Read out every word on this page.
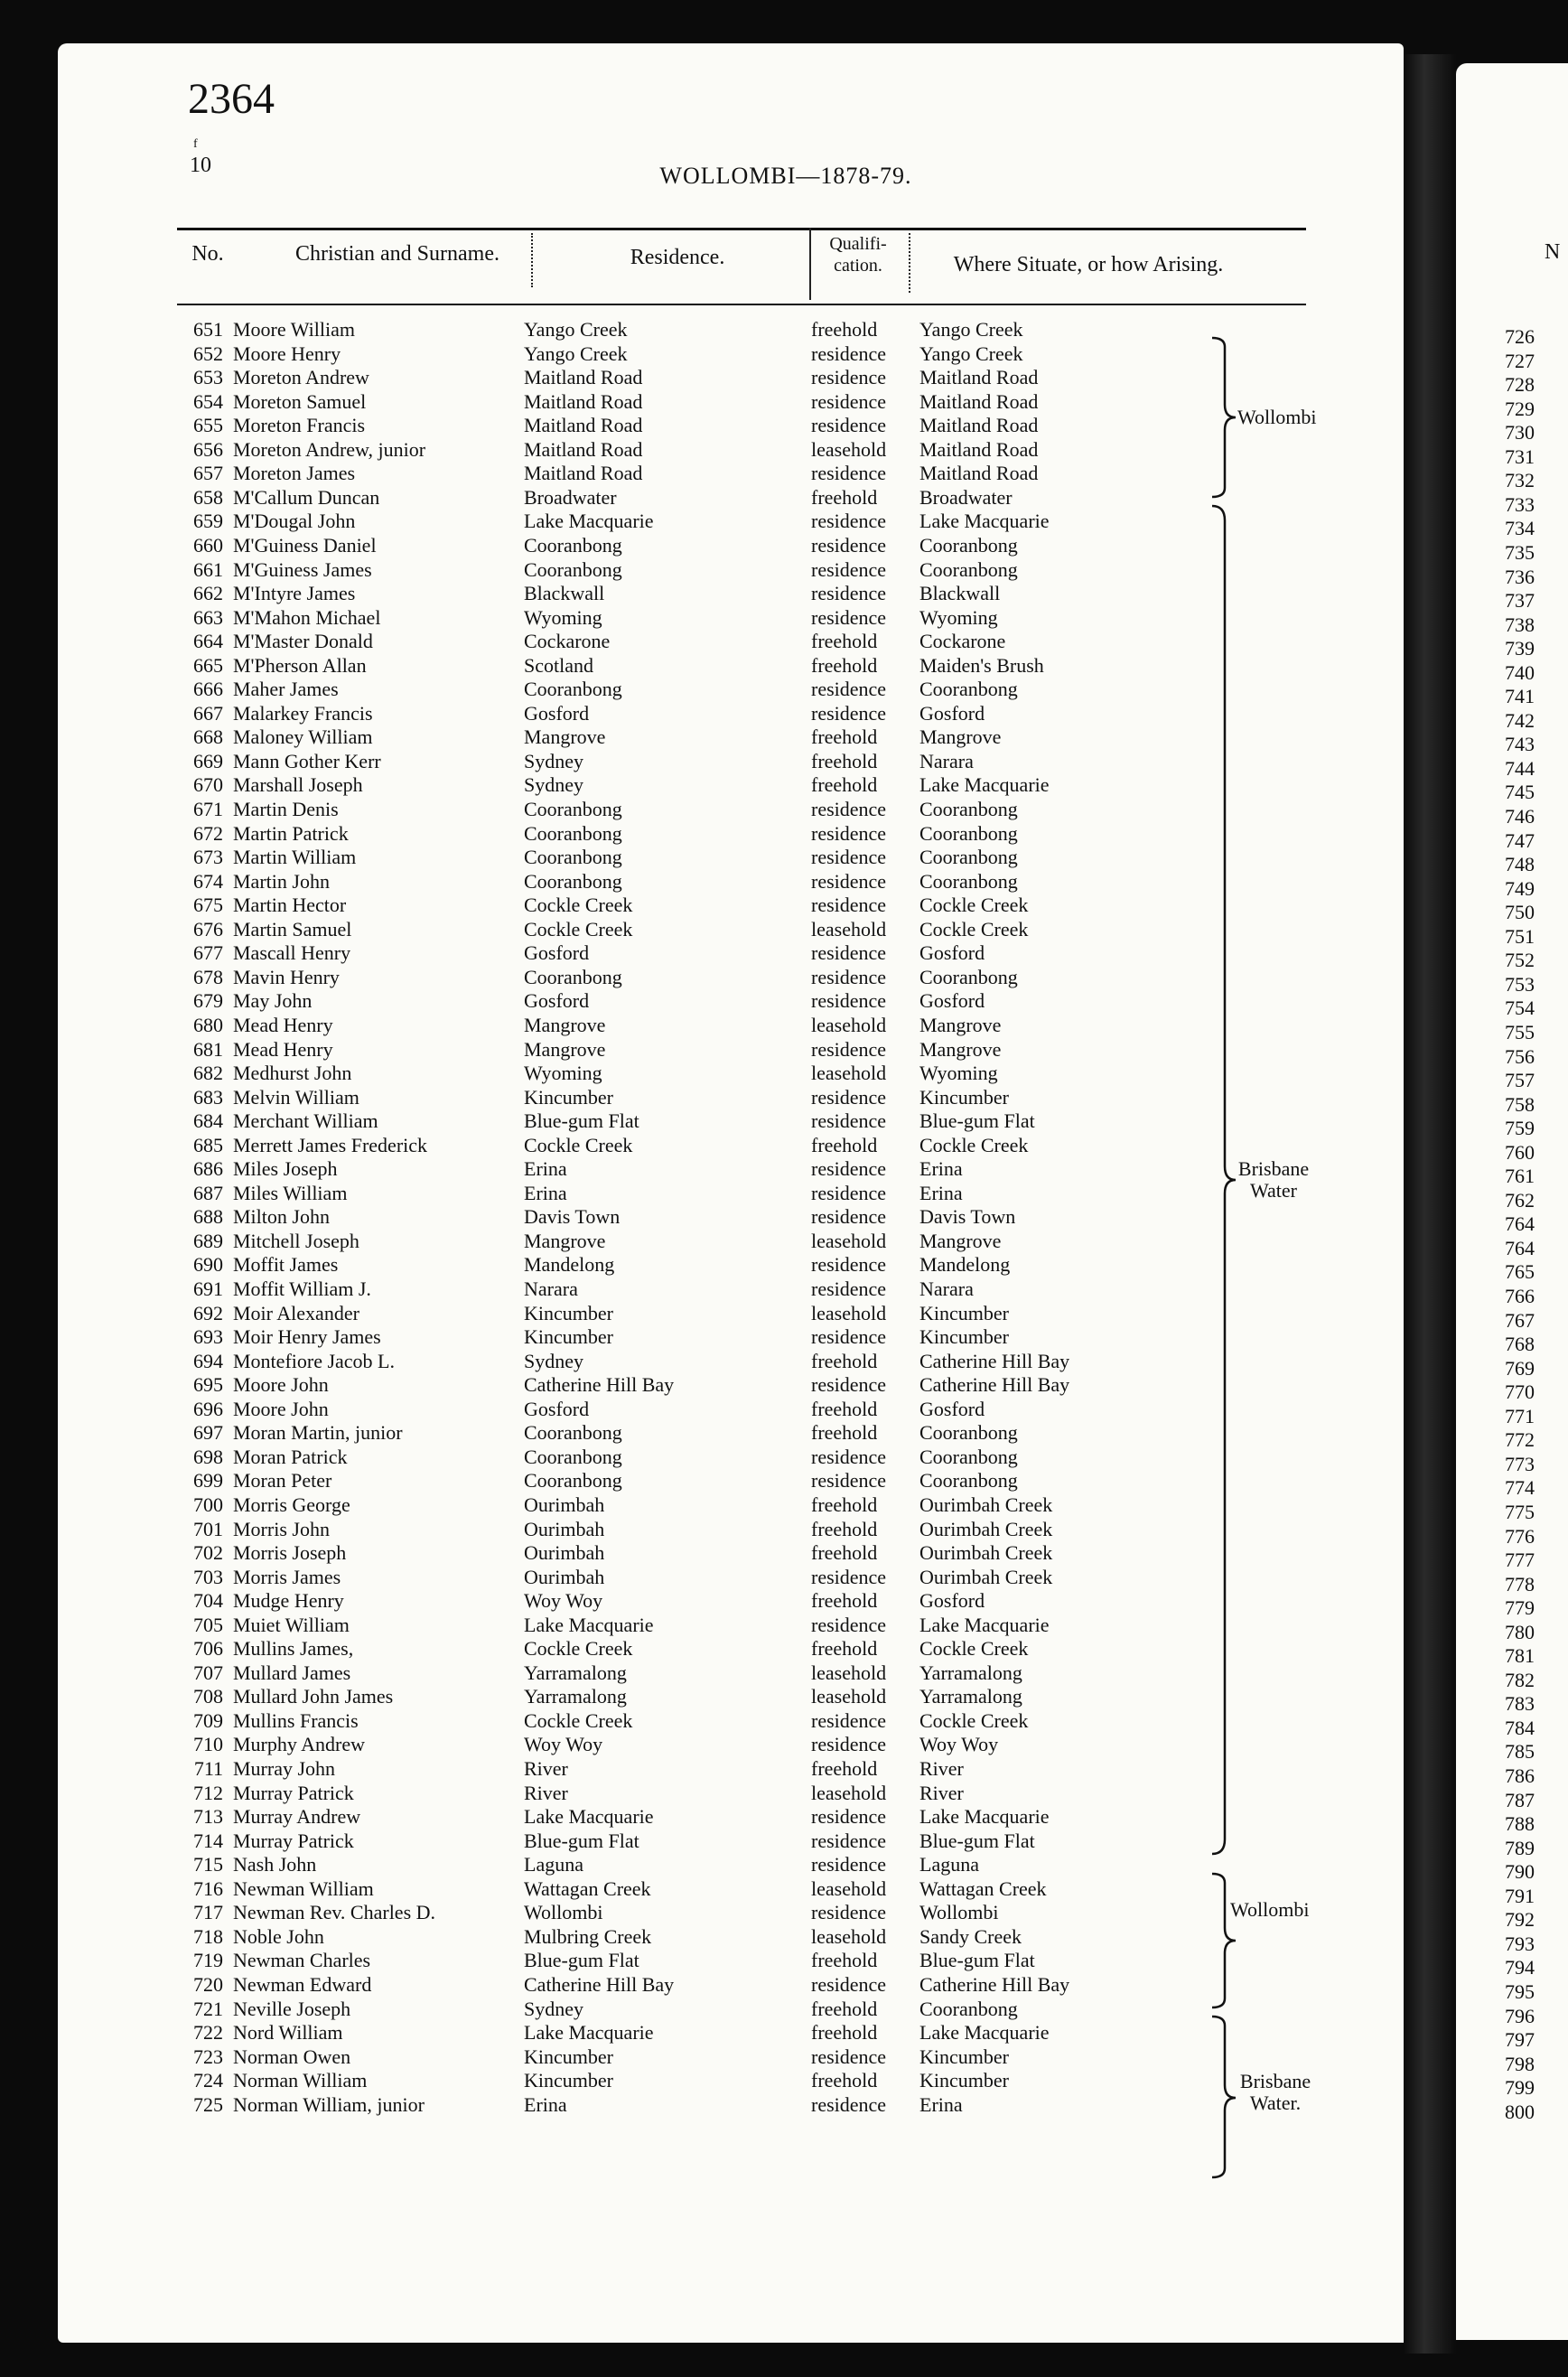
2364
f
10	WOLLOMBI—1878-79.
No.	Christian and Surname.	Residence.
Qualifi-
cation.	Where Situate, or how Arising.
N
651 Moore William	Yango Creek	freehold Yango Creek
652 Moore Henry	Yango Creek	residence Yango Creek
653 Moreton Andrew	Maitland Road	residence Maitland Road
654 Moreton Samuel	Maitland Road	residence Maitland Road
655 Moreton Francis	Maitland Road	residence Maitland Road
656 Moreton Andrew, junior	Maitland Road	leasehold Maitland Road
657 Moreton James	Maitland Road	residence Maitland Road
658 M'Callum Duncan	Broadwater	freehold Broadwater
659 M'Dougal John	Lake Macquarie	residence Lake Macquarie
660 M'Guiness Daniel	Cooranbong	residence Cooranbong
661 M'Guiness James	Cooranbong	residence Cooranbong
662 M'Intyre James	Blackwall	residence Blackwall
663 M'Mahon Michael	Wyoming	residence Wyoming
664 M'Master Donald	Cockarone	freehold Cockarone
665 M'Pherson Allan	Scotland	freehold Maiden's Brush
666 Maher James	Cooranbong	residence Cooranbong
667 Malarkey Francis	Gosford	residence Gosford
668 Maloney William	Mangrove	freehold Mangrove
669 Mann Gother Kerr	Sydney	freehold Narara
670 Marshall Joseph	Sydney	freehold Lake Macquarie
671 Martin Denis	Cooranbong	residence Cooranbong
672 Martin Patrick	Cooranbong	residence Cooranbong
673 Martin William	Cooranbong	residence Cooranbong
674 Martin John	Cooranbong	residence Cooranbong
675 Martin Hector	Cockle Creek	residence Cockle Creek
676 Martin Samuel	Cockle Creek	leasehold Cockle Creek
677 Mascall Henry	Gosford	residence Gosford
678 Mavin Henry	Cooranbong	residence Cooranbong
679 May John	Gosford	residence Gosford
680 Mead Henry	Mangrove	leasehold Mangrove
681 Mead Henry	Mangrove	residence Mangrove
682 Medhurst John	Wyoming	leasehold Wyoming
683 Melvin William	Kincumber	residence Kincumber
684 Merchant William	Blue-gum Flat	residence Blue-gum Flat
685 Merrett James Frederick	Cockle Creek	freehold Cockle Creek
686 Miles Joseph	Erina	residence Erina
687 Miles William	Erina	residence Erina
688 Milton John	Davis Town	residence Davis Town
689 Mitchell Joseph	Mangrove	leasehold Mangrove
690 Moffit James	Mandelong	residence Mandelong
691 Moffit William J.	Narara	residence Narara
692 Moir Alexander	Kincumber	leasehold Kincumber
693 Moir Henry James	Kincumber	residence Kincumber
694 Montefiore Jacob L.	Sydney	freehold Catherine Hill Bay
695 Moore John	Catherine Hill Bay	residence Catherine Hill Bay
696 Moore John	Gosford	freehold Gosford
697 Moran Martin, junior	Cooranbong	freehold Cooranbong
698 Moran Patrick	Cooranbong	residence Cooranbong
699 Moran Peter	Cooranbong	residence Cooranbong
700 Morris George	Ourimbah	freehold Ourimbah Creek
701 Morris John	Ourimbah	freehold Ourimbah Creek
702 Morris Joseph	Ourimbah	freehold Ourimbah Creek
703 Morris James	Ourimbah	residence Ourimbah Creek
704 Mudge Henry	Woy Woy	freehold Gosford
705 Muiet William	Lake Macquarie	residence Lake Macquarie
706 Mullins James,	Cockle Creek	freehold Cockle Creek
707 Mullard James	Yarramalong	leasehold Yarramalong
708 Mullard John James	Yarramalong	leasehold Yarramalong
709 Mullins Francis	Cockle Creek	residence Cockle Creek
710 Murphy Andrew	Woy Woy	residence Woy Woy
711 Murray John	River	freehold River
712 Murray Patrick	River	leasehold River
713 Murray Andrew	Lake Macquarie	residence Lake Macquarie
714 Murray Patrick	Blue-gum Flat	residence Blue-gum Flat
715 Nash John	Laguna	residence Laguna
716 Newman William	Wattagan Creek	leasehold Wattagan Creek
717 Newman Rev. Charles D.	Wollombi	residence Wollombi
718 Noble John	Mulbring Creek	leasehold Sandy Creek
719 Newman Charles	Blue-gum Flat	freehold Blue-gum Flat
720 Newman Edward	Catherine Hill Bay	residence Catherine Hill Bay
721 Neville Joseph	Sydney	freehold Cooranbong
722 Nord William	Lake Macquarie	freehold Lake Macquarie
723 Norman Owen	Kincumber	residence Kincumber
724 Norman William	Kincumber	freehold Kincumber
725 Norman William, junior	Erina	residence Erina
726
727
728
729
730
731
732
733
734
735
736
737
738
739
740
741
742
743
744
745
746
747
748
749
750
751
752
753
754
755
756
757
758
759
760
761
762
764
764
765
766
767
768
769
770
771
772
773
774
775
776
777
778
779
780
781
782
783
784
785
786
787
788
789
790
791
792
793
794
795
796
797
798
799
800
Wollombi
Brisbane
Water
Wollombi
Brisbane
Water.
